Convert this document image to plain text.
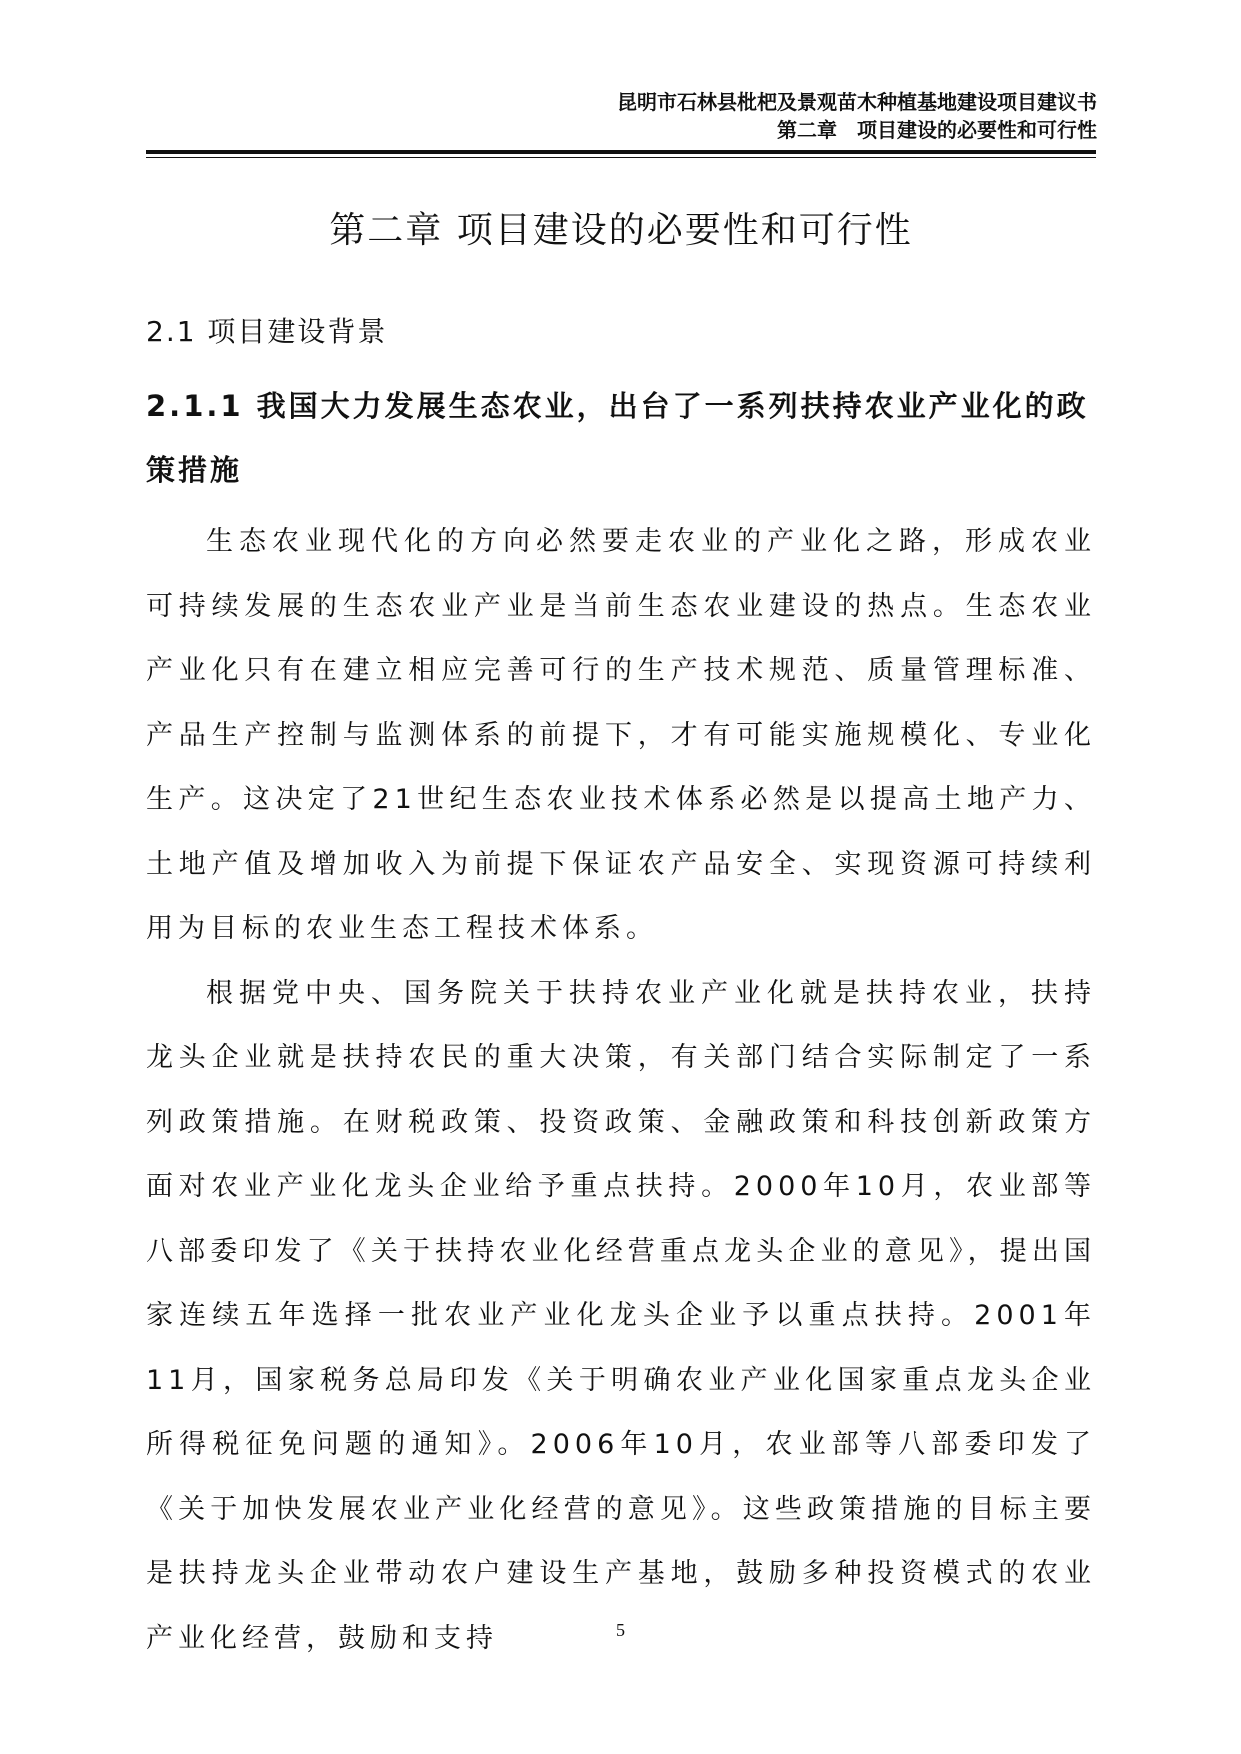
昆明市石林县枇杷及景观苗木种植基地建设项目建议书
第二章　项目建设的必要性和可行性
第二章 项目建设的必要性和可行性
2.1 项目建设背景
2.1.1 我国大力发展生态农业，出台了一系列扶持农业产业化的政策措施

生态农业现代化的方向必然要走农业的产业化之路，形成农业可持续发展的生态农业产业是当前生态农业建设的热点。生态农业产业化只有在建立相应完善可行的生产技术规范、质量管理标准、产品生产控制与监测体系的前提下，才有可能实施规模化、专业化生产。这决定了21世纪生态农业技术体系必然是以提高土地产力、土地产值及增加收入为前提下保证农产品安全、实现资源可持续利用为目标的农业生态工程技术体系。

根据党中央、国务院关于扶持农业产业化就是扶持农业，扶持龙头企业就是扶持农民的重大决策，有关部门结合实际制定了一系列政策措施。在财税政策、投资政策、金融政策和科技创新政策方面对农业产业化龙头企业给予重点扶持。2000年10月，农业部等八部委印发了《关于扶持农业化经营重点龙头企业的意见》，提出国家连续五年选择一批农业产业化龙头企业予以重点扶持。2001年11月，国家税务总局印发《关于明确农业产业化国家重点龙头企业所得税征免问题的通知》。2006年10月，农业部等八部委印发了《关于加快发展农业产业化经营的意见》。这些政策措施的目标主要是扶持龙头企业带动农户建设生产基地，鼓励多种投资模式的农业产业化经营，鼓励和支持	5
